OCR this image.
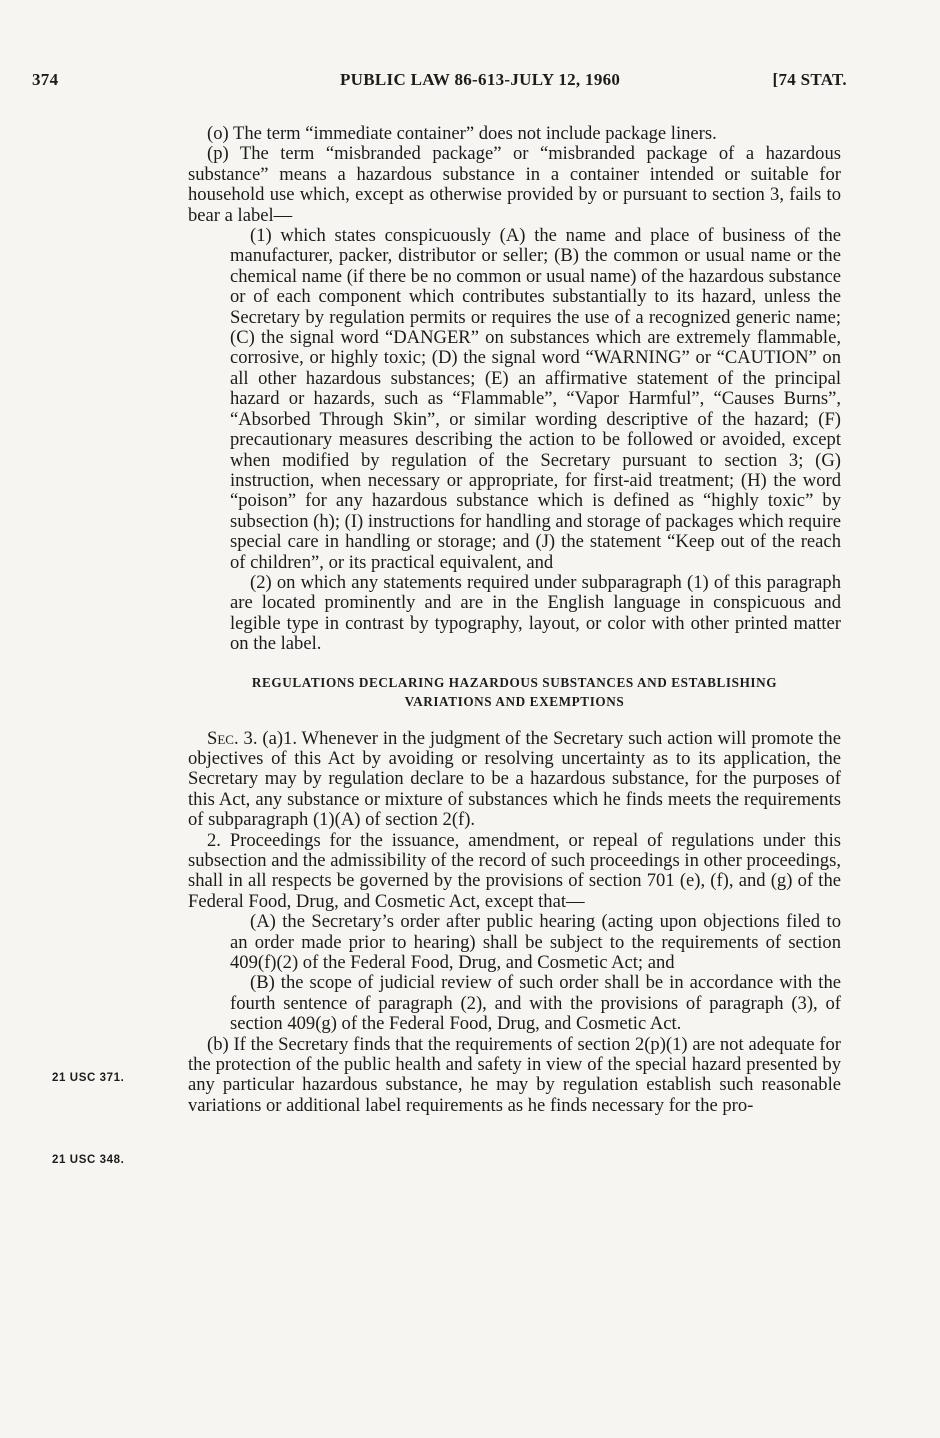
374	PUBLIC LAW 86-613-JULY 12, 1960	[74 STAT.

(o) The term “immediate container” does not include package liners.

(p) The term “misbranded package” or “misbranded package of a hazardous substance” means a hazardous substance in a container intended or suitable for household use which, except as otherwise provided by or pursuant to section 3, fails to bear a label—

(1) which states conspicuously (A) the name and place of business of the manufacturer, packer, distributor or seller; (B) the common or usual name or the chemical name (if there be no common or usual name) of the hazardous substance or of each component which contributes substantially to its hazard, unless the Secretary by regulation permits or requires the use of a recognized generic name; (C) the signal word “DANGER” on substances which are extremely flammable, corrosive, or highly toxic; (D) the signal word “WARNING” or “CAUTION” on all other hazardous substances; (E) an affirmative statement of the principal hazard or hazards, such as “Flammable”, “Vapor Harmful”, “Causes Burns”, “Absorbed Through Skin”, or similar wording descriptive of the hazard; (F) precautionary measures describing the action to be followed or avoided, except when modified by regulation of the Secretary pursuant to section 3; (G) instruction, when necessary or appropriate, for first-aid treatment; (H) the word “poison” for any hazardous substance which is defined as “highly toxic” by subsection (h); (I) instructions for handling and storage of packages which require special care in handling or storage; and (J) the statement “Keep out of the reach of children”, or its practical equivalent, and

(2) on which any statements required under subparagraph (1) of this paragraph are located prominently and are in the English language in conspicuous and legible type in contrast by typography, layout, or color with other printed matter on the label.

REGULATIONS DECLARING HAZARDOUS SUBSTANCES AND ESTABLISHING
VARIATIONS AND EXEMPTIONS

Sec. 3. (a)1. Whenever in the judgment of the Secretary such action will promote the objectives of this Act by avoiding or resolving uncertainty as to its application, the Secretary may by regulation declare to be a hazardous substance, for the purposes of this Act, any substance or mixture of substances which he finds meets the requirements of subparagraph (1)(A) of section 2(f).

2. Proceedings for the issuance, amendment, or repeal of regulations under this subsection and the admissibility of the record of such proceedings in other proceedings, shall in all respects be governed by the provisions of section 701 (e), (f), and (g) of the Federal Food, Drug, and Cosmetic Act, except that—

(A) the Secretary’s order after public hearing (acting upon objections filed to an order made prior to hearing) shall be subject to the requirements of section 409(f)(2) of the Federal Food, Drug, and Cosmetic Act; and

(B) the scope of judicial review of such order shall be in accordance with the fourth sentence of paragraph (2), and with the provisions of paragraph (3), of section 409(g) of the Federal Food, Drug, and Cosmetic Act.

(b) If the Secretary finds that the requirements of section 2(p)(1) are not adequate for the protection of the public health and safety in view of the special hazard presented by any particular hazardous substance, he may by regulation establish such reasonable variations or additional label requirements as he finds necessary for the pro-

21 USC 371.
21 USC 348.
